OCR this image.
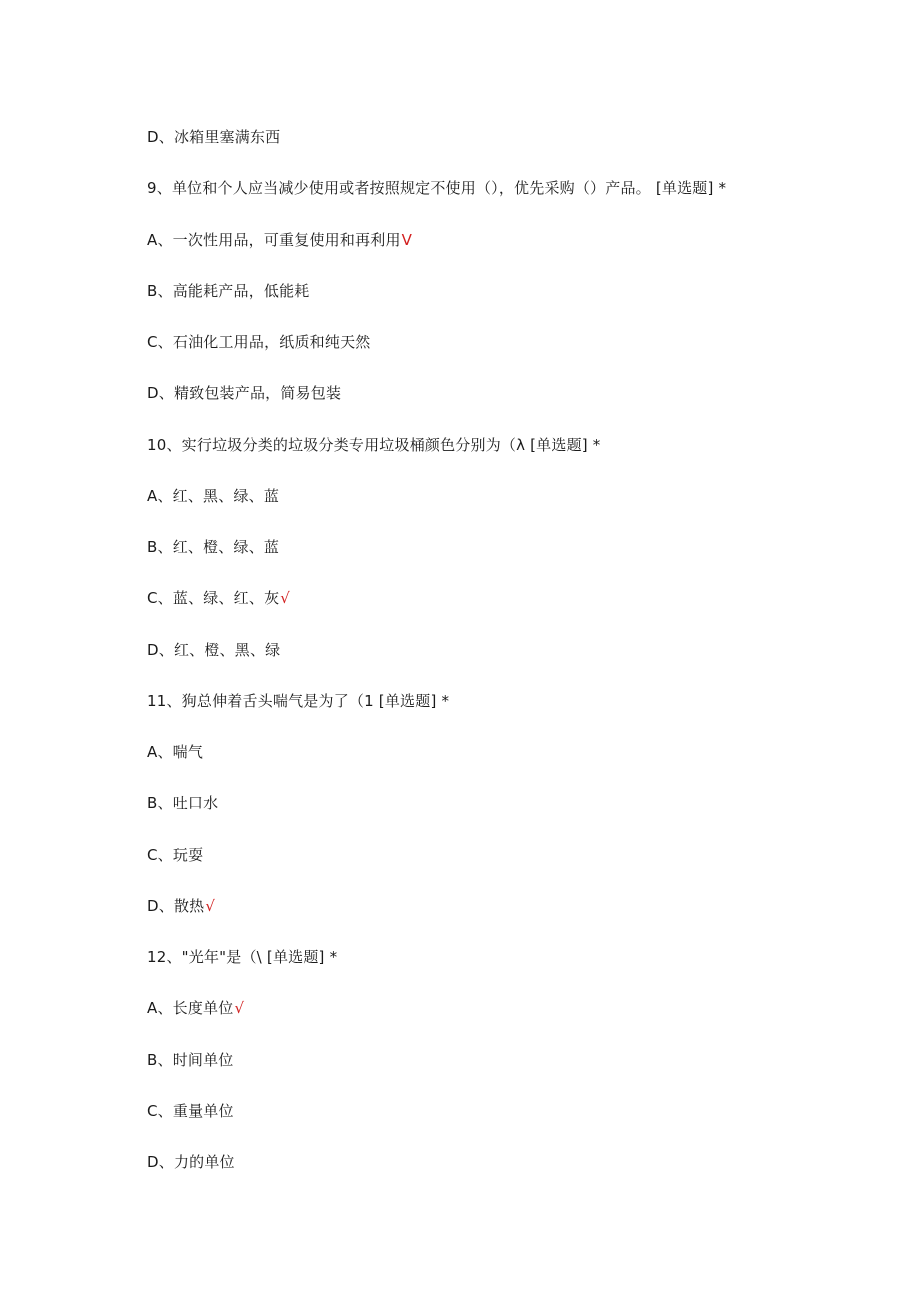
D、冰箱里塞满东西
9、单位和个人应当减少使用或者按照规定不使用（），优先采购（）产品。 [单选题] *
A、一次性用品，可重复使用和再利用V
B、高能耗产品，低能耗
C、石油化工用品，纸质和纯天然
D、精致包装产品，简易包装
10、实行垃圾分类的垃圾分类专用垃圾桶颜色分别为（λ [单选题] *
A、红、黑、绿、蓝
B、红、橙、绿、蓝
C、蓝、绿、红、灰√
D、红、橙、黑、绿
11、狗总伸着舌头喘气是为了（1 [单选题] *
A、喘气
B、吐口水
C、玩耍
D、散热√
12、"光年"是（\ [单选题] *
A、长度单位√
B、时间单位
C、重量单位
D、力的单位
